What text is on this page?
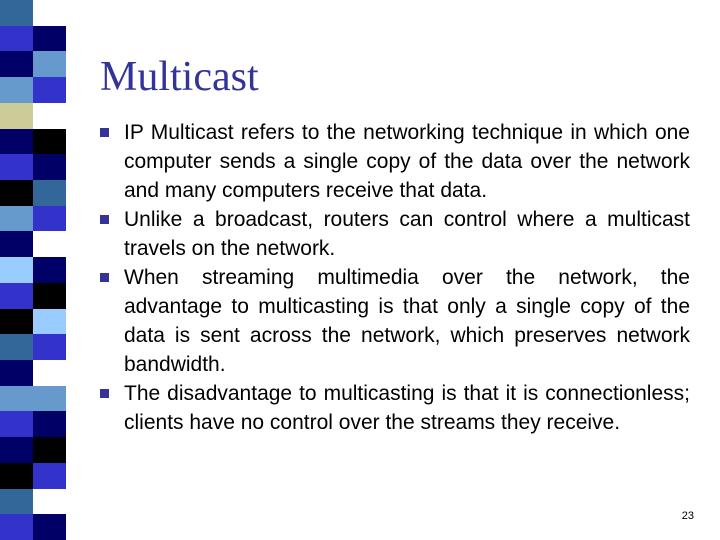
Multicast
IP Multicast refers to the networking technique in which one computer sends a single copy of the data over the network and many computers receive that data.
Unlike a broadcast, routers can control where a multicast travels on the network.
When streaming multimedia over the network, the advantage to multicasting is that only a single copy of the data is sent across the network, which preserves network bandwidth.
The disadvantage to multicasting is that it is connectionless; clients have no control over the streams they receive.
23
